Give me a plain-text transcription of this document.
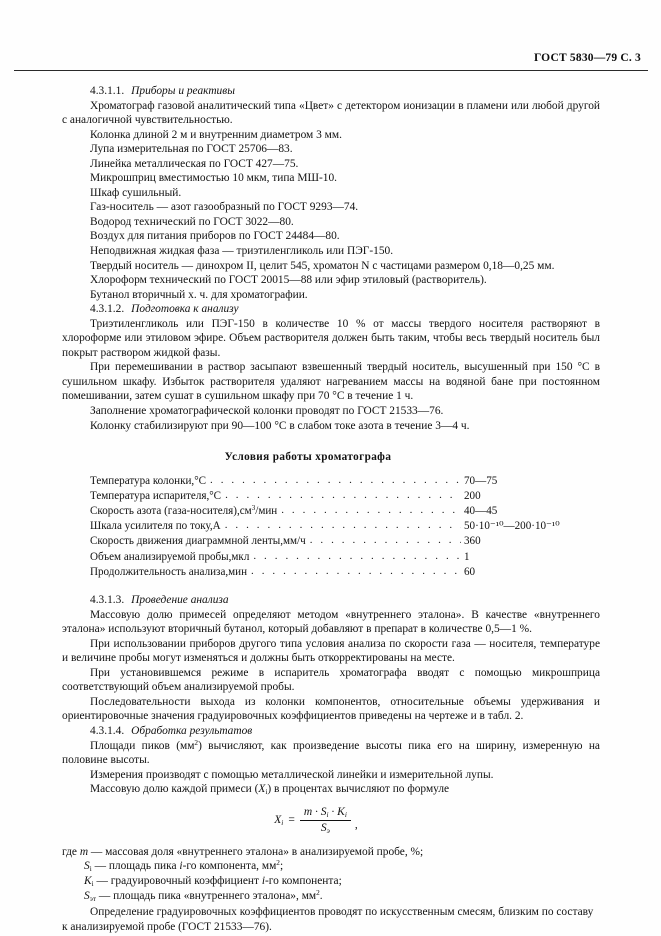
ГОСТ 5830—79 С. 3

4.3.1.1. Приборы и реактивы

Хроматограф газовой аналитический типа «Цвет» с детектором ионизации в пламени или любой другой с аналогичной чувствительностью.

Колонка длиной 2 м и внутренним диаметром 3 мм.

Лупа измерительная по ГОСТ 25706—83.

Линейка металлическая по ГОСТ 427—75.

Микрошприц вместимостью 10 мкм, типа МШ-10.

Шкаф сушильный.

Газ-носитель — азот газообразный по ГОСТ 9293—74.

Водород технический по ГОСТ 3022—80.

Воздух для питания приборов по ГОСТ 24484—80.

Неподвижная жидкая фаза — триэтиленгликоль или ПЭГ-150.

Твердый носитель — динохром II, целит 545, хроматон N с частицами размером 0,18—0,25 мм.

Хлороформ технический по ГОСТ 20015—88 или эфир этиловый (растворитель).

Бутанол вторичный х. ч. для хроматографии.

4.3.1.2. Подготовка к анализу

Триэтиленгликоль или ПЭГ-150 в количестве 10 % от массы твердого носителя растворяют в хлороформе или этиловом эфире. Объем растворителя должен быть таким, чтобы весь твердый носитель был покрыт раствором жидкой фазы.

При перемешивании в раствор засыпают взвешенный твердый носитель, высушенный при 150 °С в сушильном шкафу. Избыток растворителя удаляют нагреванием массы на водяной бане при постоянном помешивании, затем сушат в сушильном шкафу при 70 °С в течение 1 ч.

Заполнение хроматографической колонки проводят по ГОСТ 21533—76.

Колонку стабилизируют при 90—100 °С в слабом токе азота в течение 3—4 ч.

Условия работы хроматографа

Температура колонки,°С . . .	70—75
Температура испарителя,°С . . .	200
Скорость азота $(газа-носителя),см^3$/мин . . .	40—45
Шкала усилителя по току,А . . .	50·10⁻¹⁰—200·10⁻¹⁰
Скорость движения диаграммной ленты,мм/ч . . .	360
Объем анализируемой пробы,мкл . . .	1
Продолжительность анализа,мин . . .	60

4.3.1.3. Проведение анализа

Массовую долю примесей определяют методом «внутреннего эталона». В качестве «внутреннего эталона» используют вторичный бутанол, который добавляют в препарат в количестве 0,5—1 %.

При использовании приборов другого типа условия анализа по скорости газа — носителя, температуре и величине пробы могут изменяться и должны быть откорректированы на месте.

При установившемся режиме в испаритель хроматографа вводят с помощью микрошприца соответствующий объем анализируемой пробы.

Последовательности выхода из колонки компонентов, относительные объемы удерживания и ориентировочные значения градуировочных коэффициентов приведены на чертеже и в табл. 2.

4.3.1.4. Обработка результатов

Площади пиков $(мм^2)$ вычисляют, как произведение высоты пика его на ширину, измеренную на половине высоты.

Измерения производят с помощью металлической линейки и измерительной лупы.

Массовую долю каждой примеси $(X_i)$ в процентах вычисляют по формуле

$X_i = \frac{m \cdot S_i \cdot K_i}{S_э}$ ,

где m — массовая доля «внутреннего эталона» в анализируемой пробе, %;
$S_i$ — площадь пика i-го компонента, $мм^2$;
$K_i$ — градуировочный коэффициент i-го компонента;
$S_{эт}$ — площадь пика «внутреннего эталона», $мм^2$.

Определение градуировочных коэффициентов проводят по искусственным смесям, близким по составу к анализируемой пробе (ГОСТ 21533—76).
